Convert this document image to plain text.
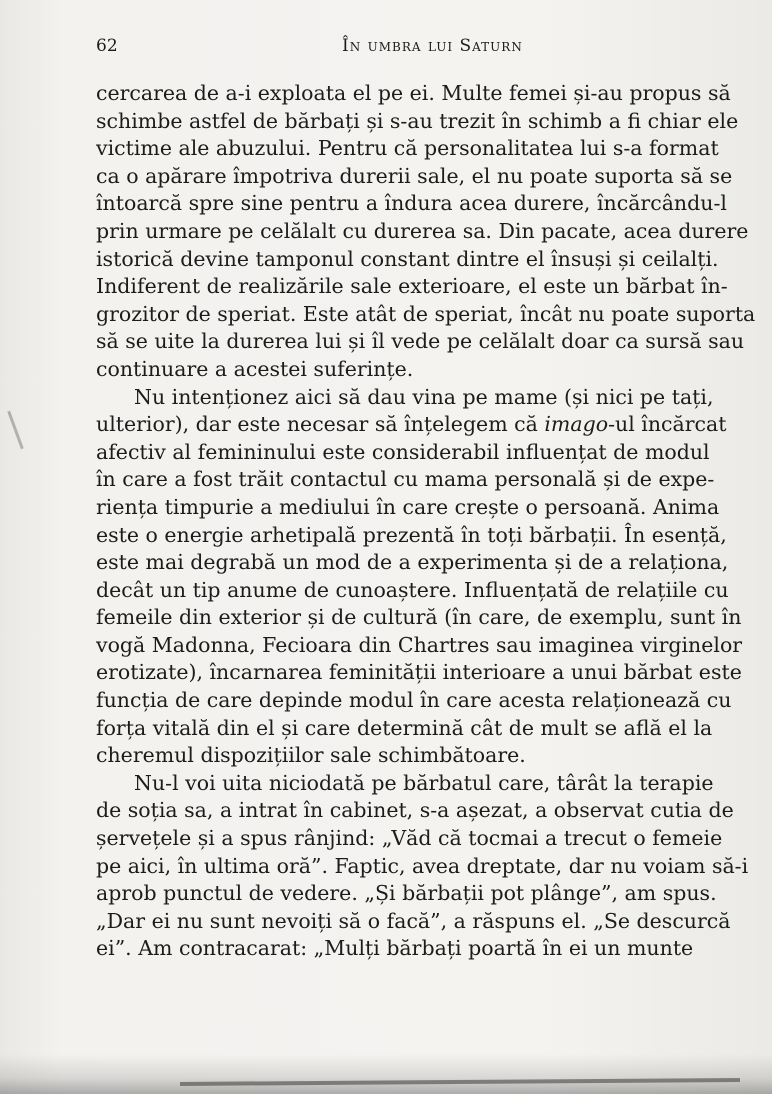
62	În umbra lui Saturn
cercarea de a-i exploata el pe ei. Multe femei și-au propus să
schimbe astfel de bărbați și s-au trezit în schimb a fi chiar ele
victime ale abuzului. Pentru că personalitatea lui s-a format
ca o apărare împotriva durerii sale, el nu poate suporta să se
întoarcă spre sine pentru a îndura acea durere, încărcându-l
prin urmare pe celălalt cu durerea sa. Din pacate, acea durere
istorică devine tamponul constant dintre el însuși și ceilalți.
Indiferent de realizările sale exterioare, el este un bărbat în-
grozitor de speriat. Este atât de speriat, încât nu poate suporta
să se uite la durerea lui și îl vede pe celălalt doar ca sursă sau
continuare a acestei suferințe.
Nu intenționez aici să dau vina pe mame (și nici pe tați,
ulterior), dar este necesar să înțelegem că imago-ul încărcat
afectiv al femininului este considerabil influențat de modul
în care a fost trăit contactul cu mama personală și de expe-
riența timpurie a mediului în care crește o persoană. Anima
este o energie arhetipală prezentă în toți bărbații. În esență,
este mai degrabă un mod de a experimenta și de a relaționa,
decât un tip anume de cunoaștere. Influențată de relațiile cu
femeile din exterior și de cultură (în care, de exemplu, sunt în
vogă Madonna, Fecioara din Chartres sau imaginea virginelor
erotizate), încarnarea feminității interioare a unui bărbat este
funcția de care depinde modul în care acesta relaționează cu
forța vitală din el și care determină cât de mult se află el la
cheremul dispozițiilor sale schimbătoare.
Nu-l voi uita niciodată pe bărbatul care, târât la terapie
de soția sa, a intrat în cabinet, s-a așezat, a observat cutia de
șervețele și a spus rânjind: „Văd că tocmai a trecut o femeie
pe aici, în ultima oră”. Faptic, avea dreptate, dar nu voiam să-i
aprob punctul de vedere. „Și bărbații pot plânge”, am spus.
„Dar ei nu sunt nevoiți să o facă”, a răspuns el. „Se descurcă
ei”. Am contracarat: „Mulți bărbați poartă în ei un munte
